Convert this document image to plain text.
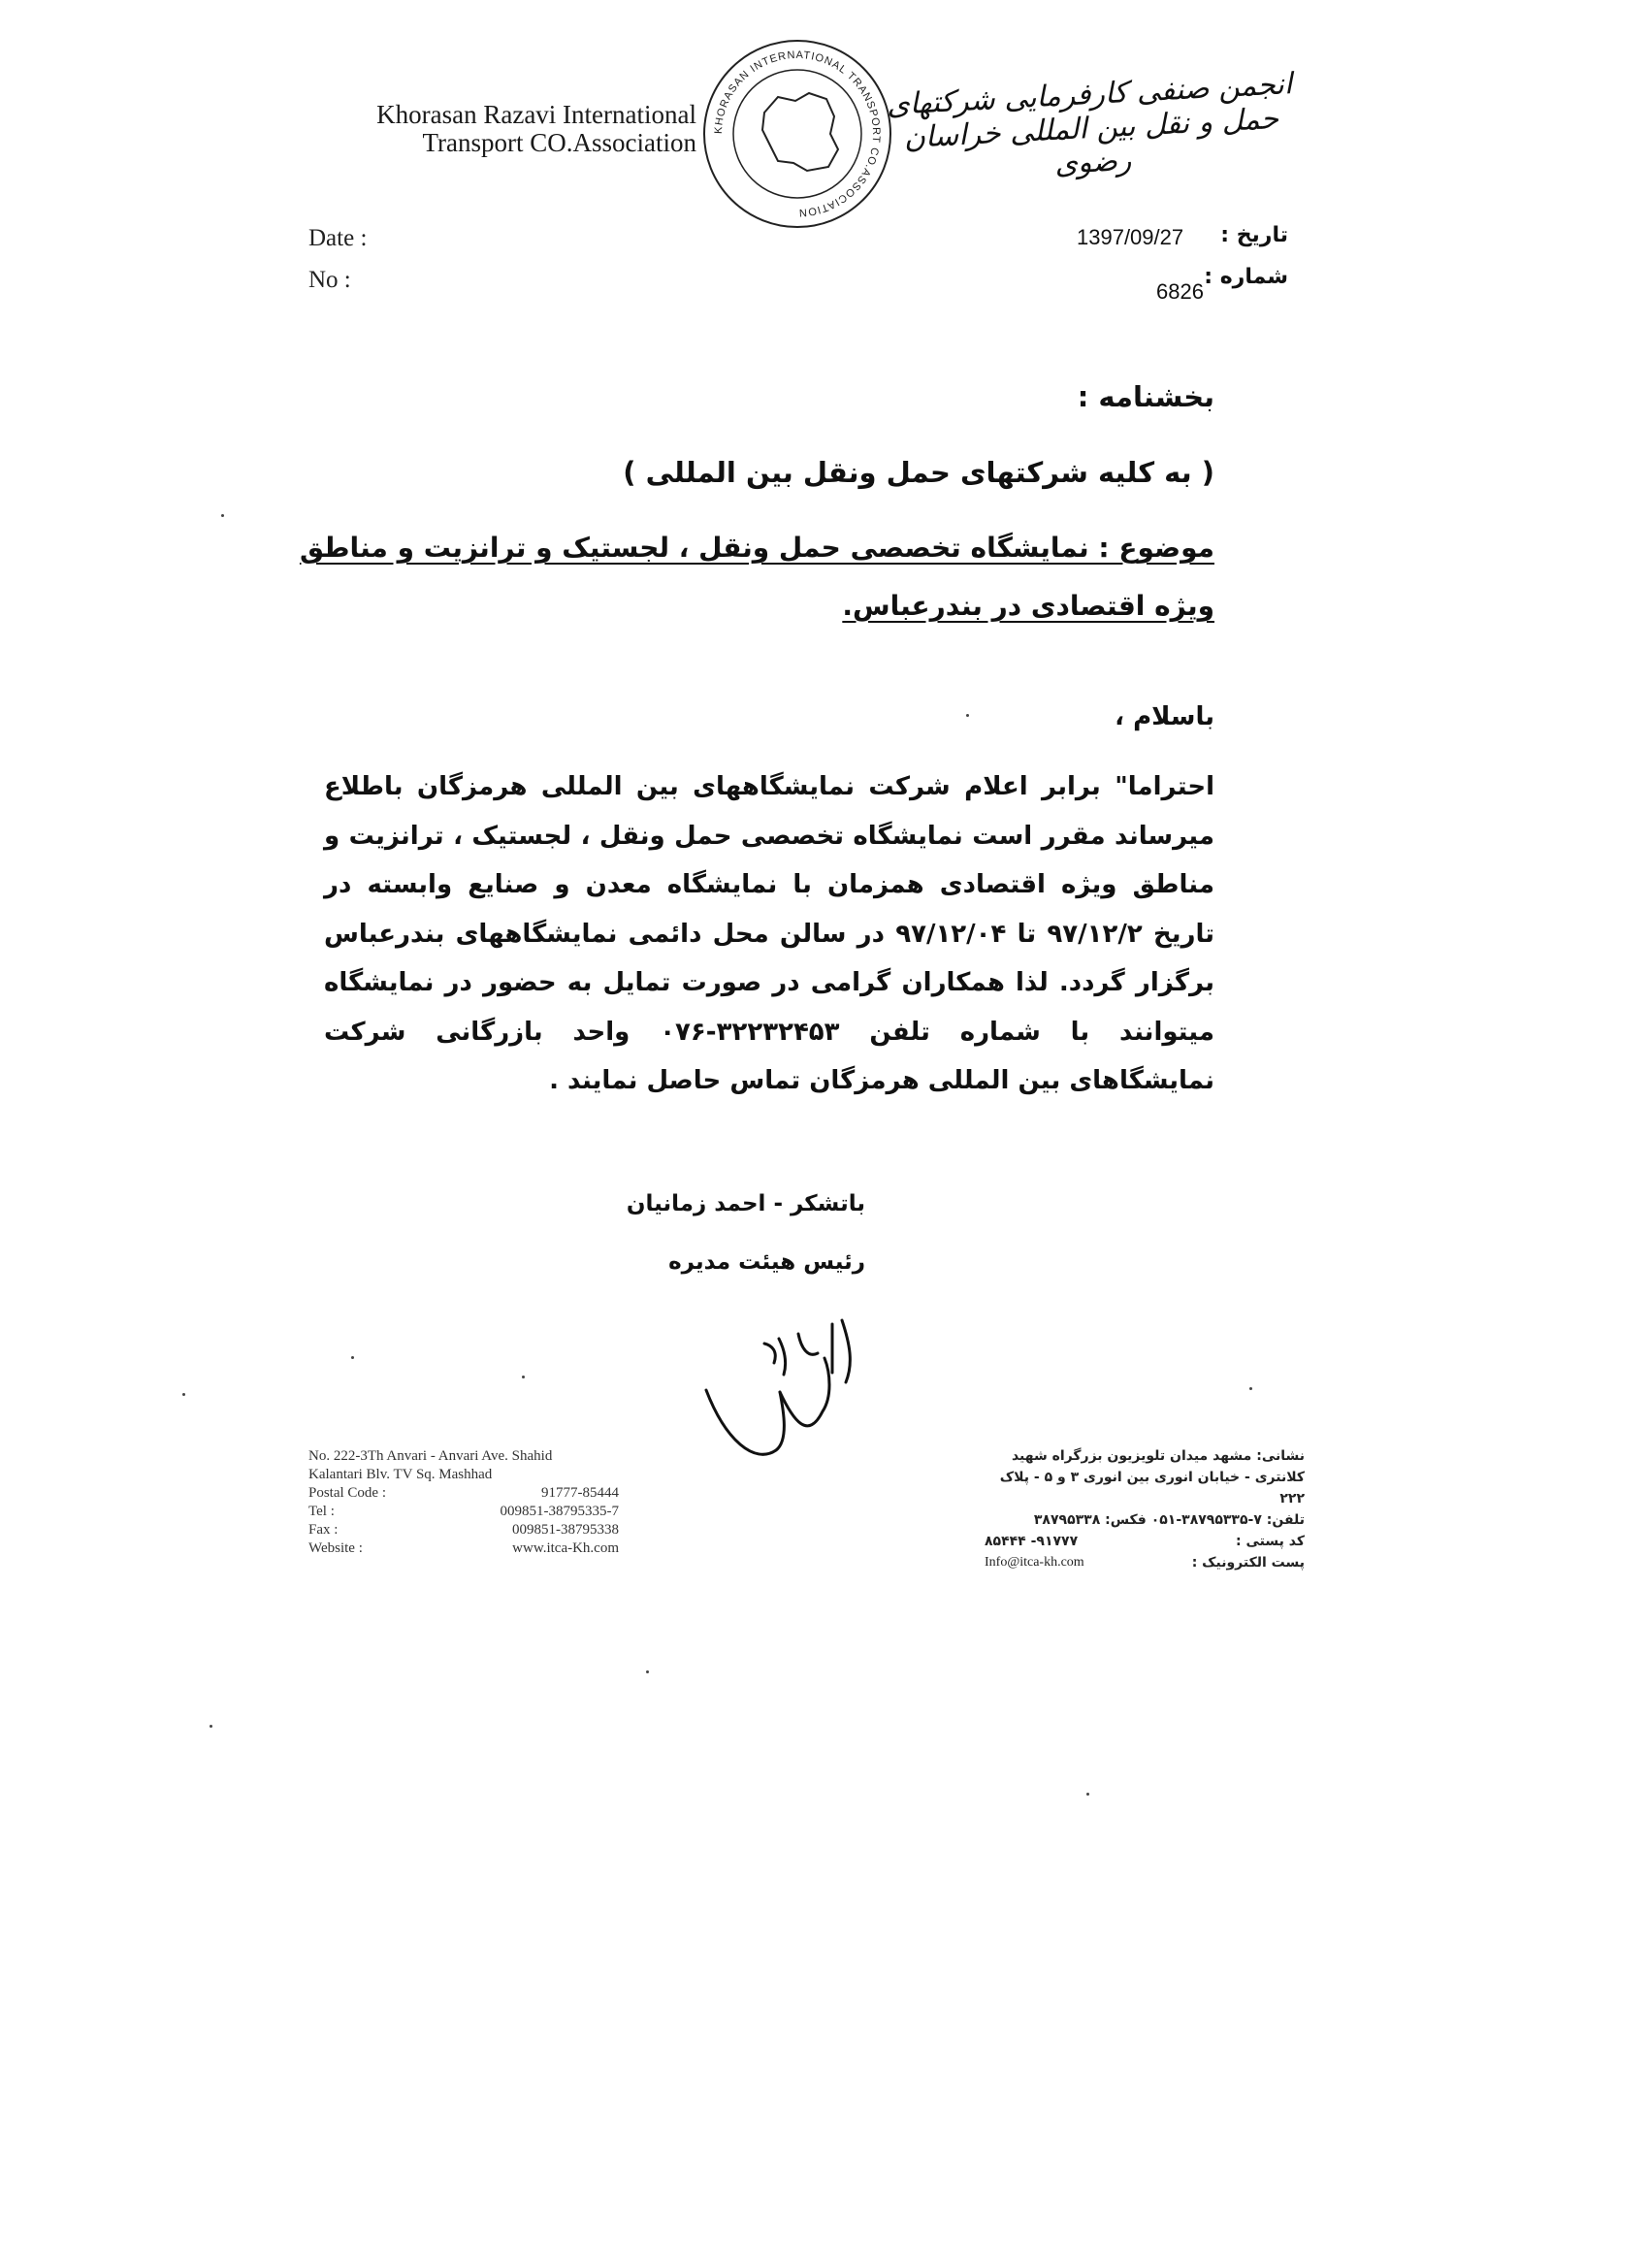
Khorasan Razavi International
Transport CO.Association KHORASAN INTERNATIONAL TRANSPORT CO.ASSOCIATION
انجمن صنفی کارفرمایی شرکتهای حمل و نقل بین المللی خراسان رضوی
Date :
No :
1397/09/27 تاریخ :
6826
شماره :
بخشنامه :
( به کلیه شرکتهای حمل ونقل بین المللی )
موضوع : نمایشگاه تخصصی حمل ونقل ، لجستیک و ترانزیت و مناطق ویژه اقتصادی در بندرعباس.
باسلام ،
احتراما" برابر اعلام شرکت نمایشگاههای بین المللی هرمزگان باطلاع میرساند مقرر است نمایشگاه تخصصی حمل ونقل ، لجستیک ، ترانزیت و مناطق ویژه اقتصادی همزمان با نمایشگاه معدن و صنایع وابسته در تاریخ ۹۷/۱۲/۲ تا ۹۷/۱۲/۰۴ در سالن محل دائمی نمایشگاههای بندرعباس برگزار گردد. لذا همکاران گرامی در صورت تمایل به حضور در نمایشگاه میتوانند با شماره تلفن ۳۲۲۳۲۴۵۳-۰۷۶ واحد بازرگانی شرکت نمایشگاهای بین المللی هرمزگان تماس حاصل نمایند .
باتشکر - احمد زمانیان
رئیس هیئت مدیره
No. 222-3Th Anvari - Anvari Ave. Shahid
Kalantari Blv. TV Sq. Mashhad
Postal Code :	91777-85444
Tel :	009851-38795335-7
Fax :	009851-38795338
Website :	www.itca-Kh.com
نشانی: مشهد میدان تلویزیون بزرگراه شهید
کلانتری - خیابان انوری بین انوری ۳ و ۵ - پلاک ۲۲۲
تلفن: ۷-۳۸۷۹۵۳۳۵-۰۵۱ فکس: ۳۸۷۹۵۳۳۸
کد پستی :
۹۱۷۷۷- ۸۵۴۴۴
پست الکترونیک :
Info@itca-kh.com
